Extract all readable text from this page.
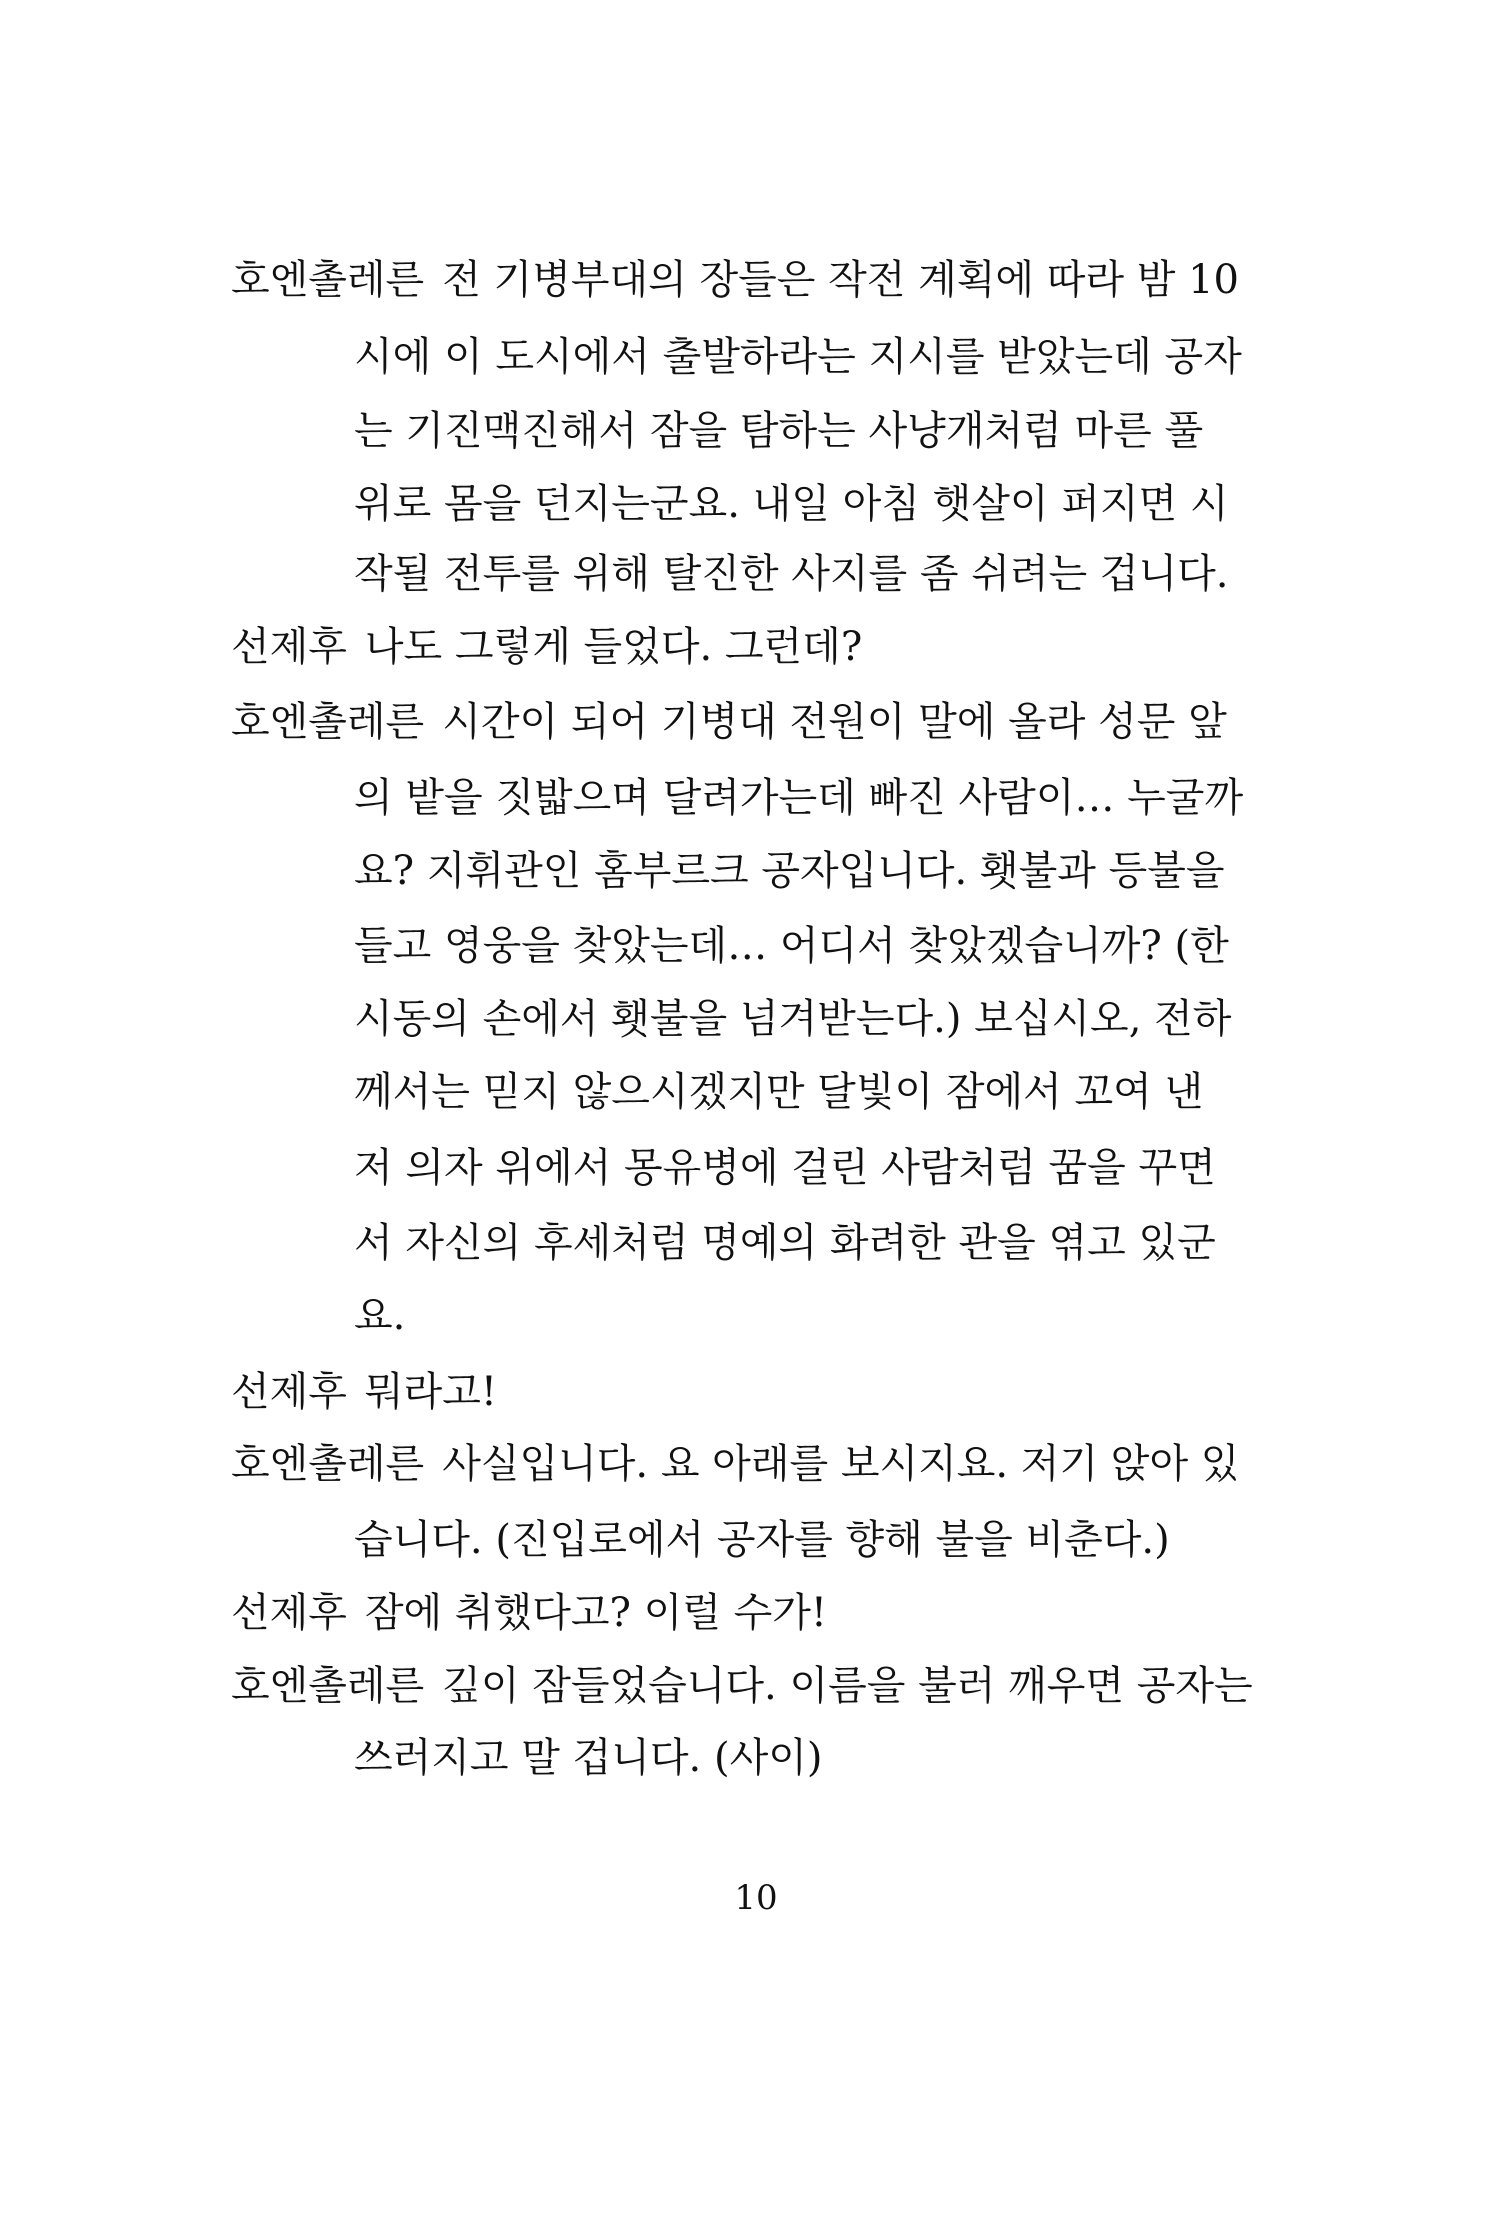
10
호엔촐레른 전 기병부대의 장들은 작전 계획에 따라 밤 10
시에 이 도시에서 출발하라는 지시를 받았는데 공자
는 기진맥진해서 잠을 탐하는 사냥개처럼 마른 풀
위로 몸을 던지는군요. 내일 아침 햇살이 퍼지면 시
작될 전투를 위해 탈진한 사지를 좀 쉬려는 겁니다.
선제후 나도 그렇게 들었다. 그런데?
호엔촐레른 시간이 되어 기병대 전원이 말에 올라 성문 앞
의 밭을 짓밟으며 달려가는데 빠진 사람이… 누굴까
요? 지휘관인 홈부르크 공자입니다. 횃불과 등불을
들고 영웅을 찾았는데… 어디서 찾았겠습니까? (한
시동의 손에서 횃불을 넘겨받는다.) 보십시오, 전하
께서는 믿지 않으시겠지만 달빛이 잠에서 꼬여 낸
저 의자 위에서 몽유병에 걸린 사람처럼 꿈을 꾸면
서 자신의 후세처럼 명예의 화려한 관을 엮고 있군
요.
선제후 뭐라고!
호엔촐레른 사실입니다. 요 아래를 보시지요. 저기 앉아 있
습니다. (진입로에서 공자를 향해 불을 비춘다.)
선제후 잠에 취했다고? 이럴 수가!
호엔촐레른 깊이 잠들었습니다. 이름을 불러 깨우면 공자는
쓰러지고 말 겁니다. (사이)
